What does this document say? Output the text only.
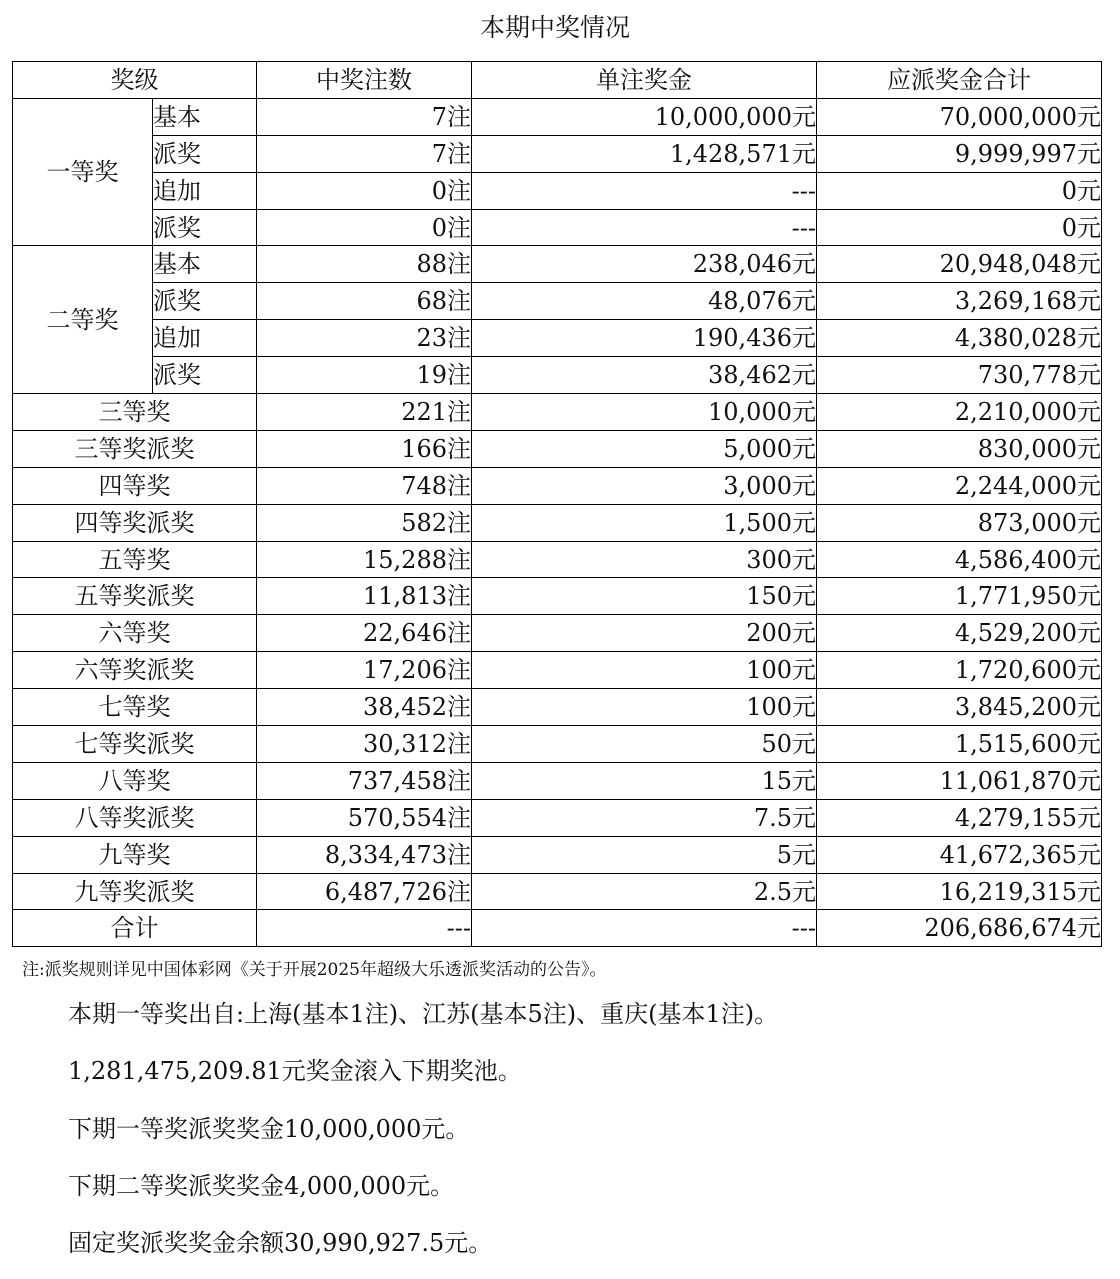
本期中奖情况
奖级		中奖注数	单注奖金	应派奖金合计
一等奖	基本	7注	10,000,000元	70,000,000元
	派奖	7注	1,428,571元	9,999,997元
	追加	0注	---	0元
	派奖	0注	---	0元
二等奖	基本	88注	238,046元	20,948,048元
	派奖	68注	48,076元	3,269,168元
	追加	23注	190,436元	4,380,028元
	派奖	19注	38,462元	730,778元
三等奖		221注	10,000元	2,210,000元
三等奖派奖		166注	5,000元	830,000元
四等奖		748注	3,000元	2,244,000元
四等奖派奖		582注	1,500元	873,000元
五等奖		15,288注	300元	4,586,400元
五等奖派奖		11,813注	150元	1,771,950元
六等奖		22,646注	200元	4,529,200元
六等奖派奖		17,206注	100元	1,720,600元
七等奖		38,452注	100元	3,845,200元
七等奖派奖		30,312注	50元	1,515,600元
八等奖		737,458注	15元	11,061,870元
八等奖派奖		570,554注	7.5元	4,279,155元
九等奖		8,334,473注	5元	41,672,365元
九等奖派奖		6,487,726注	2.5元	16,219,315元
合计		---	---	206,686,674元
注:派奖规则详见中国体彩网《关于开展2025年超级大乐透派奖活动的公告》。
本期一等奖出自:上海(基本1注)、江苏(基本5注)、重庆(基本1注)。
1,281,475,209.81元奖金滚入下期奖池。
下期一等奖派奖奖金10,000,000元。
下期二等奖派奖奖金4,000,000元。
固定奖派奖奖金余额30,990,927.5元。
